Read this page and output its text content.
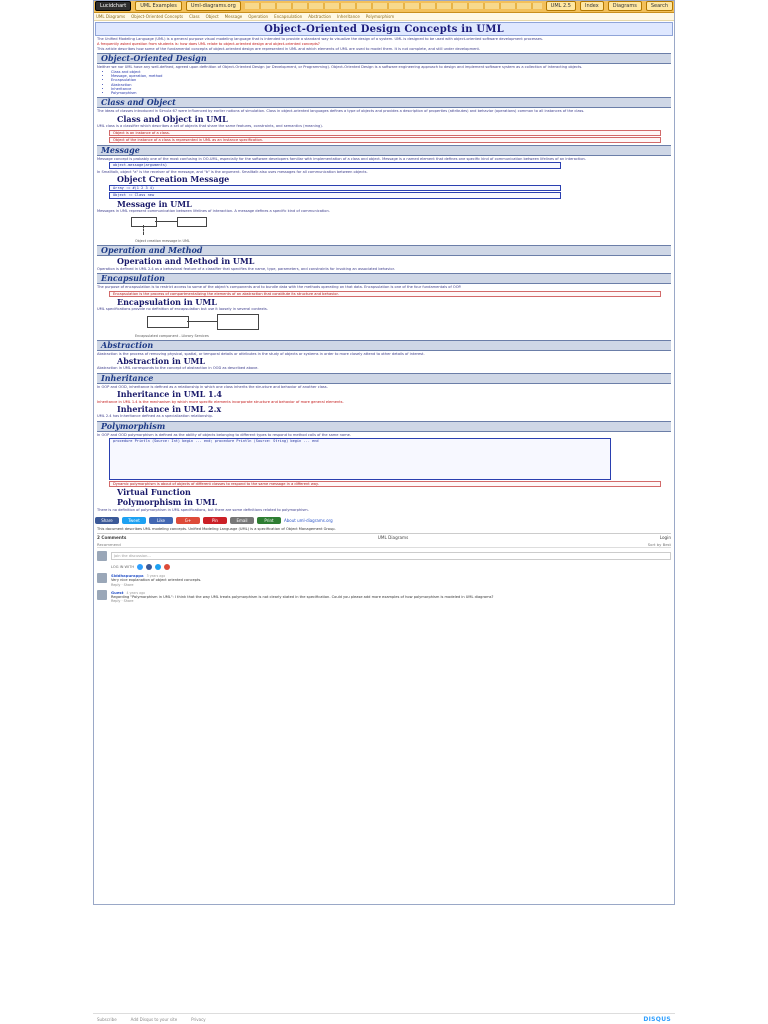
Lucidchart	UML Examples	Uml-diagrams.org	UML 2.5	Index	Diagrams	Search
UML Diagrams Object-Oriented Concepts Class Object Message Operation Encapsulation Abstraction Inheritance Polymorphism
Object-Oriented Design Concepts in UML

The Unified Modeling Language (UML) is a general purpose visual modeling language that is intended to provide a standard way to visualize the design of a system. UML is designed to be used with object-oriented software development processes.

A frequently asked question from students is: how does UML relate to object-oriented design and object-oriented concepts?

This article describes how some of the fundamental concepts of object-oriented design are represented in UML and which elements of UML are used to model them. It is not complete, and still under development.

Object-Oriented Design

Neither we nor UML have any well-defined, agreed upon definition of Object-Oriented Design (or Development, or Programming). Object-Oriented Design is a software engineering approach to design and implement software system as a collection of interacting objects.

• Class and object
• Message, operation, method
• Encapsulation
• Abstraction
• Inheritance
• Polymorphism
Class and Object

The ideas of classes introduced in Simula 67 were influenced by earlier notions of simulation. Class in object-oriented languages defines a type of objects and provides a description of properties (attributes) and behavior (operations) common to all instances of the class.

Class and Object in UML

UML class is a classifier which describes a set of objects that share the same features, constraints, and semantics (meaning).

Object is an instance of a class.
Object of the instance of a class is represented in UML as an instance specification.
Message

Message concept is probably one of the most confusing in OO-UML, especially for the software developers familiar with implementation of a class and object. Message is a named element that defines one specific kind of communication between lifelines of an interaction.

object.message(arguments)

In Smalltalk, object "a" is the receiver of the message, and "b" is the argument. Smalltalk also uses messages for all communication between objects.

Object Creation Message
Array := #(1 2 3 4)
Object := Class new
Message in UML

Messages in UML represent communication between lifelines of interaction. A message defines a specific kind of communication.

Object creation message in UML
Operation and Method
Operation and Method in UML

Operation is defined in UML 2.4 as a behavioral feature of a classifier that specifies the name, type, parameters, and constraints for invoking an associated behavior.

Encapsulation

The purpose of encapsulation is to restrict access to some of the object's components and to bundle data with the methods operating on that data. Encapsulation is one of the four fundamentals of OOP.

Encapsulation is the process of compartmentalizing the elements of an abstraction that constitute its structure and behavior.
Encapsulation in UML

UML specifications provide no definition of encapsulation but use it loosely in several contexts.

Encapsulated component - Library Services
Abstraction

Abstraction is the process of removing physical, spatial, or temporal details or attributes in the study of objects or systems in order to more closely attend to other details of interest.

Abstraction in UML

Abstraction in UML corresponds to the concept of abstraction in OOD as described above.

Inheritance

In OOP and OOD, inheritance is defined as a relationship in which one class inherits the structure and behavior of another class.

Inheritance in UML 1.4

Inheritance in UML 1.4 is the mechanism by which more specific elements incorporate structure and behavior of more general elements.

Inheritance in UML 2.x

UML 2.4 has Inheritance defined as a specialization relationship.

Polymorphism

In OOP and OOD polymorphism is defined as the ability of objects belonging to different types to respond to method calls of the same name.

procedure Println (Source: Int) begin ... end; procedure Println (Source: String) begin ... end
Dynamic polymorphism is about of objects of different classes to respond to the same message in a different way.
Virtual Function
Polymorphism in UML

There is no definition of polymorphism in UML specifications, but there are some definitions related to polymorphism.

Share	Tweet	Like	G+	Pin	Email	Print	About uml-diagrams.org
This document describes UML modeling concepts. Unified Modeling Language (UML) is a specification of Object Management Group.
2 Comments	UML Diagrams	Login
Recommend	Sort by Best
Join the discussion...
LOG IN WITH
Siddhapurappa 3 years ago
Very nice explanation of object oriented concepts.
Reply · Share
Guest 4 years ago
Regarding "Polymorphism in UML": I think that the way UML treats polymorphism is not clearly stated in the specification. Could you please add more examples of how polymorphism is modeled in UML diagrams?
Reply · Share
Subscribe	Add Disqus to your site	Privacy	DISQUS
